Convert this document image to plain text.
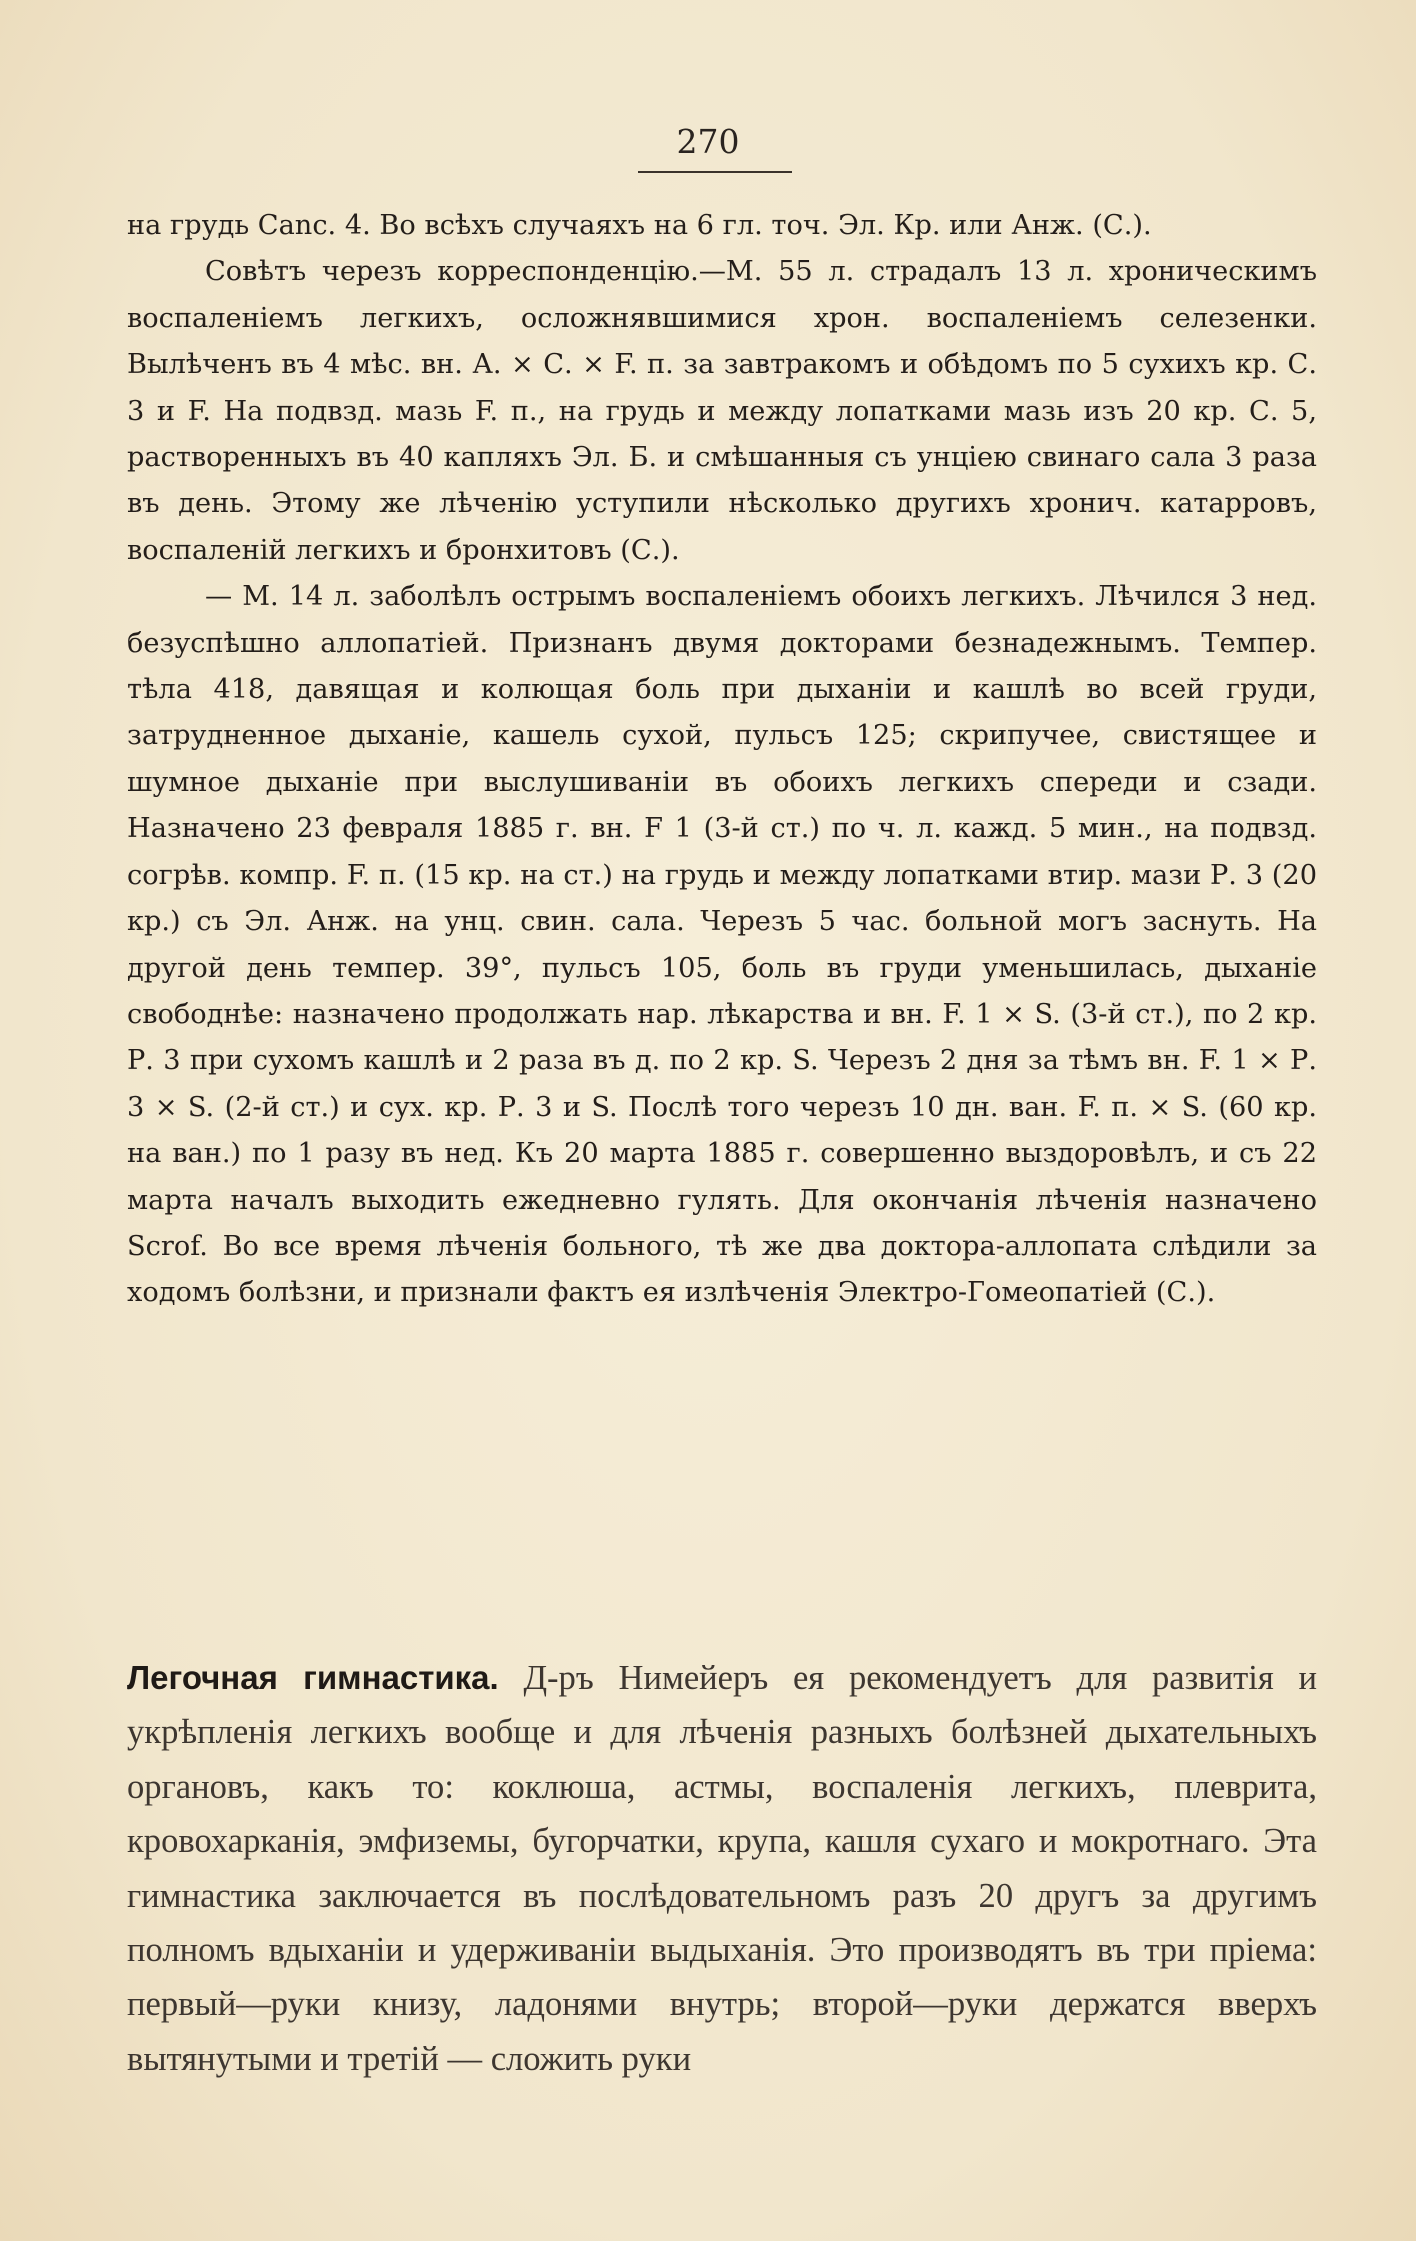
270

на грудь Canc. 4. Во всѣхъ случаяхъ на 6 гл. точ. Эл. Кр. или Анж. (С.).

Совѣтъ черезъ корреспонденцію.—М. 55 л. страдалъ 13 л. хроническимъ воспаленіемъ легкихъ, осложнявшимися хрон. воспаленіемъ селезенки. Вылѣченъ въ 4 мѣс. вн. А. × С. × F. п. за завтракомъ и обѣдомъ по 5 сухихъ кр. С. 3 и F. На подвзд. мазь F. п., на грудь и между лопатками мазь изъ 20 кр. С. 5, растворенныхъ въ 40 капляхъ Эл. Б. и смѣшанныя съ унціею свинаго сала 3 раза въ день. Этому же лѣченію уступили нѣсколько другихъ хронич. катарровъ, воспаленій легкихъ и бронхитовъ (С.).

— М. 14 л. заболѣлъ острымъ воспаленіемъ обоихъ легкихъ. Лѣчился 3 нед. безуспѣшно аллопатіей. Признанъ двумя докторами безнадежнымъ. Темпер. тѣла 418, давящая и колющая боль при дыханіи и кашлѣ во всей груди, затрудненное дыханіе, кашель сухой, пульсъ 125; скрипучее, свистящее и шумное дыханіе при выслушиваніи въ обоихъ легкихъ спереди и сзади. Назначено 23 февраля 1885 г. вн. F 1 (3-й ст.) по ч. л. кажд. 5 мин., на подвзд. согрѣв. компр. F. п. (15 кр. на ст.) на грудь и между лопатками втир. мази Р. 3 (20 кр.) съ Эл. Анж. на унц. свин. сала. Черезъ 5 час. больной могъ заснуть. На другой день темпер. 39°, пульсъ 105, боль въ груди уменьшилась, дыханіе свободнѣе: назначено продолжать нар. лѣкарства и вн. F. 1 × S. (3-й ст.), по 2 кр. Р. 3 при сухомъ кашлѣ и 2 раза въ д. по 2 кр. S. Черезъ 2 дня за тѣмъ вн. F. 1 × Р. 3 × S. (2-й ст.) и сух. кр. Р. 3 и S. Послѣ того черезъ 10 дн. ван. F. п. × S. (60 кр. на ван.) по 1 разу въ нед. Къ 20 марта 1885 г. совершенно выздоровѣлъ, и съ 22 марта началъ выходить ежедневно гулять. Для окончанія лѣченія назначено Scrof. Во все время лѣченія больного, тѣ же два доктора-аллопата слѣдили за ходомъ болѣзни, и признали фактъ ея излѣченія Электро-Гомеопатіей (С.).

Легочная гимнастика. Д-ръ Нимейеръ ея рекомендуетъ для развитія и укрѣпленія легкихъ вообще и для лѣченія разныхъ болѣзней дыхательныхъ органовъ, какъ то: коклюша, астмы, воспаленія легкихъ, плеврита, кровохарканія, эмфиземы, бугорчатки, крупа, кашля сухаго и мокротнаго. Эта гимнастика заключается въ послѣдовательномъ разъ 20 другъ за другимъ полномъ вдыханіи и удерживаніи выдыханія. Это производятъ въ три пріема: первый—руки книзу, ладонями внутрь; второй—руки держатся вверхъ вытянутыми и третій — сложить руки
